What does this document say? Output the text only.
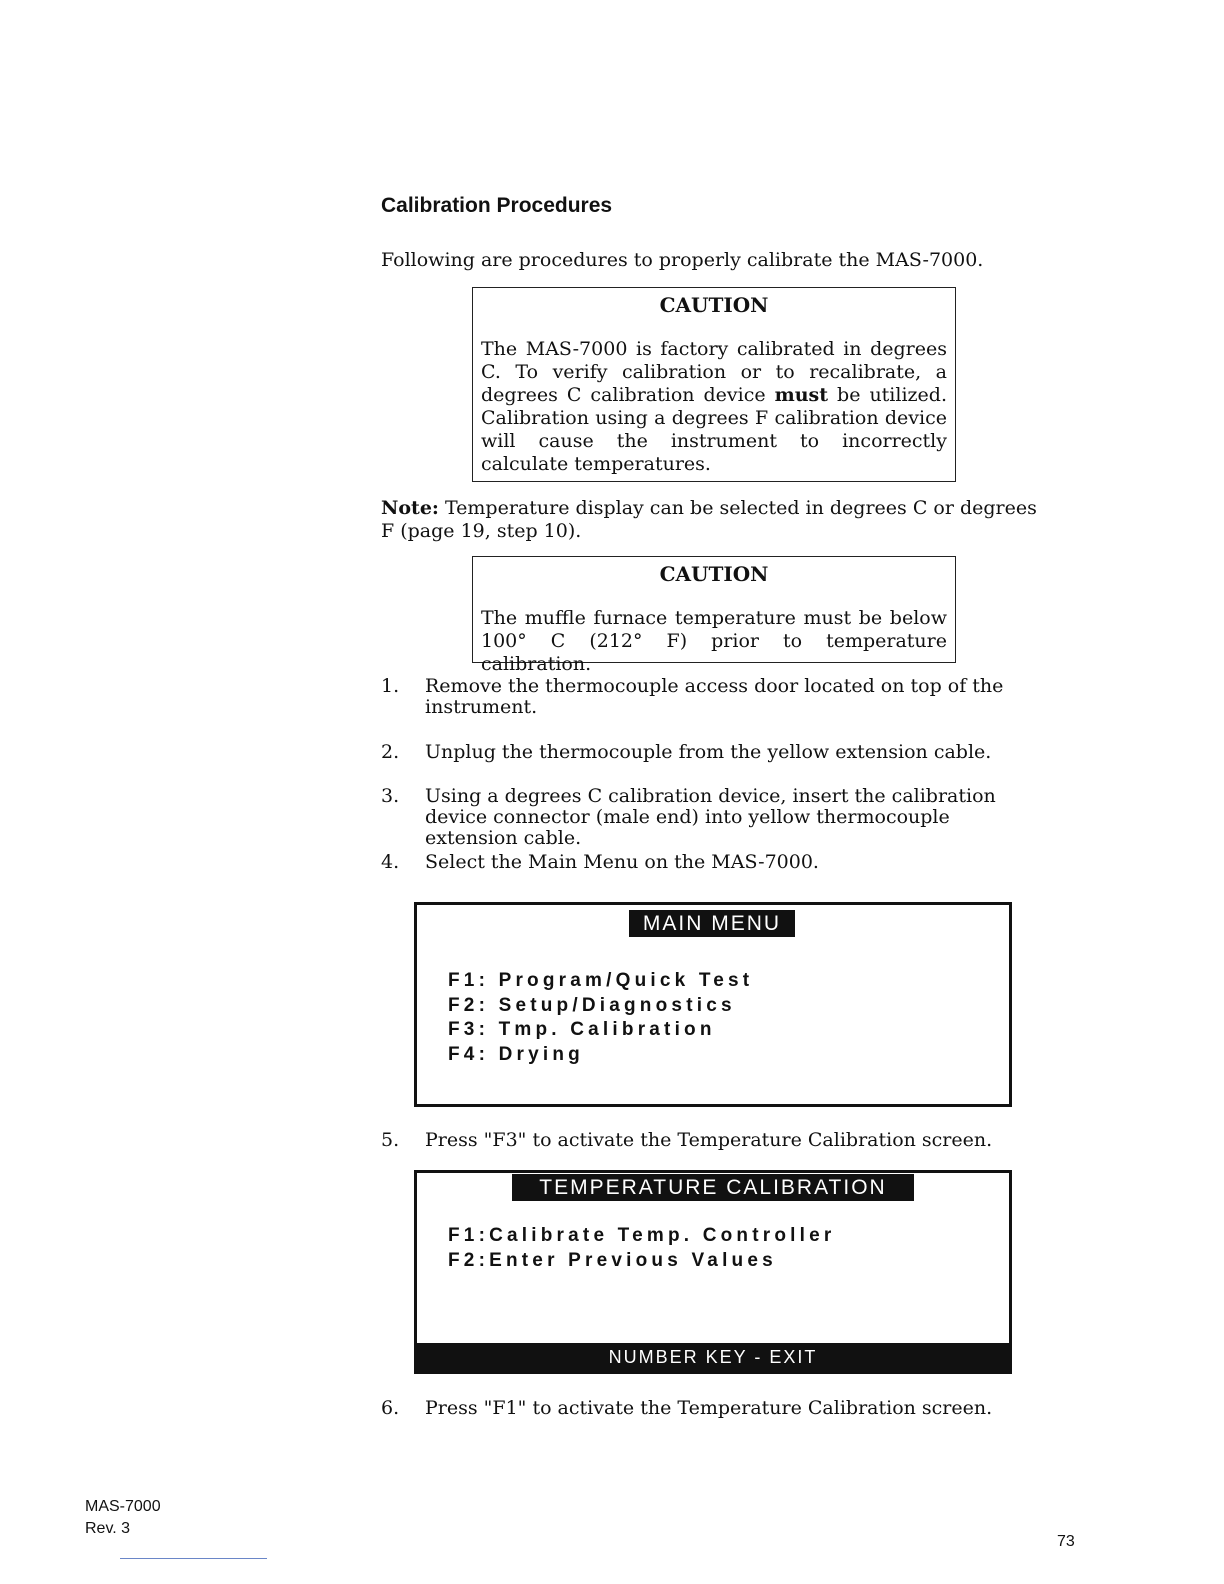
Calibration Procedures
Following are procedures to properly calibrate the MAS-7000.
CAUTION
The MAS-7000 is factory calibrated in degrees C. To verify calibration or to recalibrate, a degrees C calibration device must be utilized. Calibration using a degrees F calibration device will cause the instrument to incorrectly calculate temperatures.
Note: Temperature display can be selected in degrees C or degrees F (page 19, step 10).
CAUTION
The muffle furnace temperature must be below 100° C (212° F) prior to temperature calibration.
1. Remove the thermocouple access door located on top of the instrument.
2. Unplug the thermocouple from the yellow extension cable.
3. Using a degrees C calibration device, insert the calibration device connector (male end) into yellow thermocouple extension cable.
4. Select the Main Menu on the MAS-7000.
MAIN MENU
F1: Program/Quick Test
F2: Setup/Diagnostics
F3: Tmp. Calibration
F4: Drying
5. Press "F3" to activate the Temperature Calibration screen.
TEMPERATURE CALIBRATION
F1:Calibrate Temp. Controller
F2:Enter Previous Values
NUMBER KEY - EXIT
6. Press "F1" to activate the Temperature Calibration screen.
MAS-7000
Rev. 3
73
